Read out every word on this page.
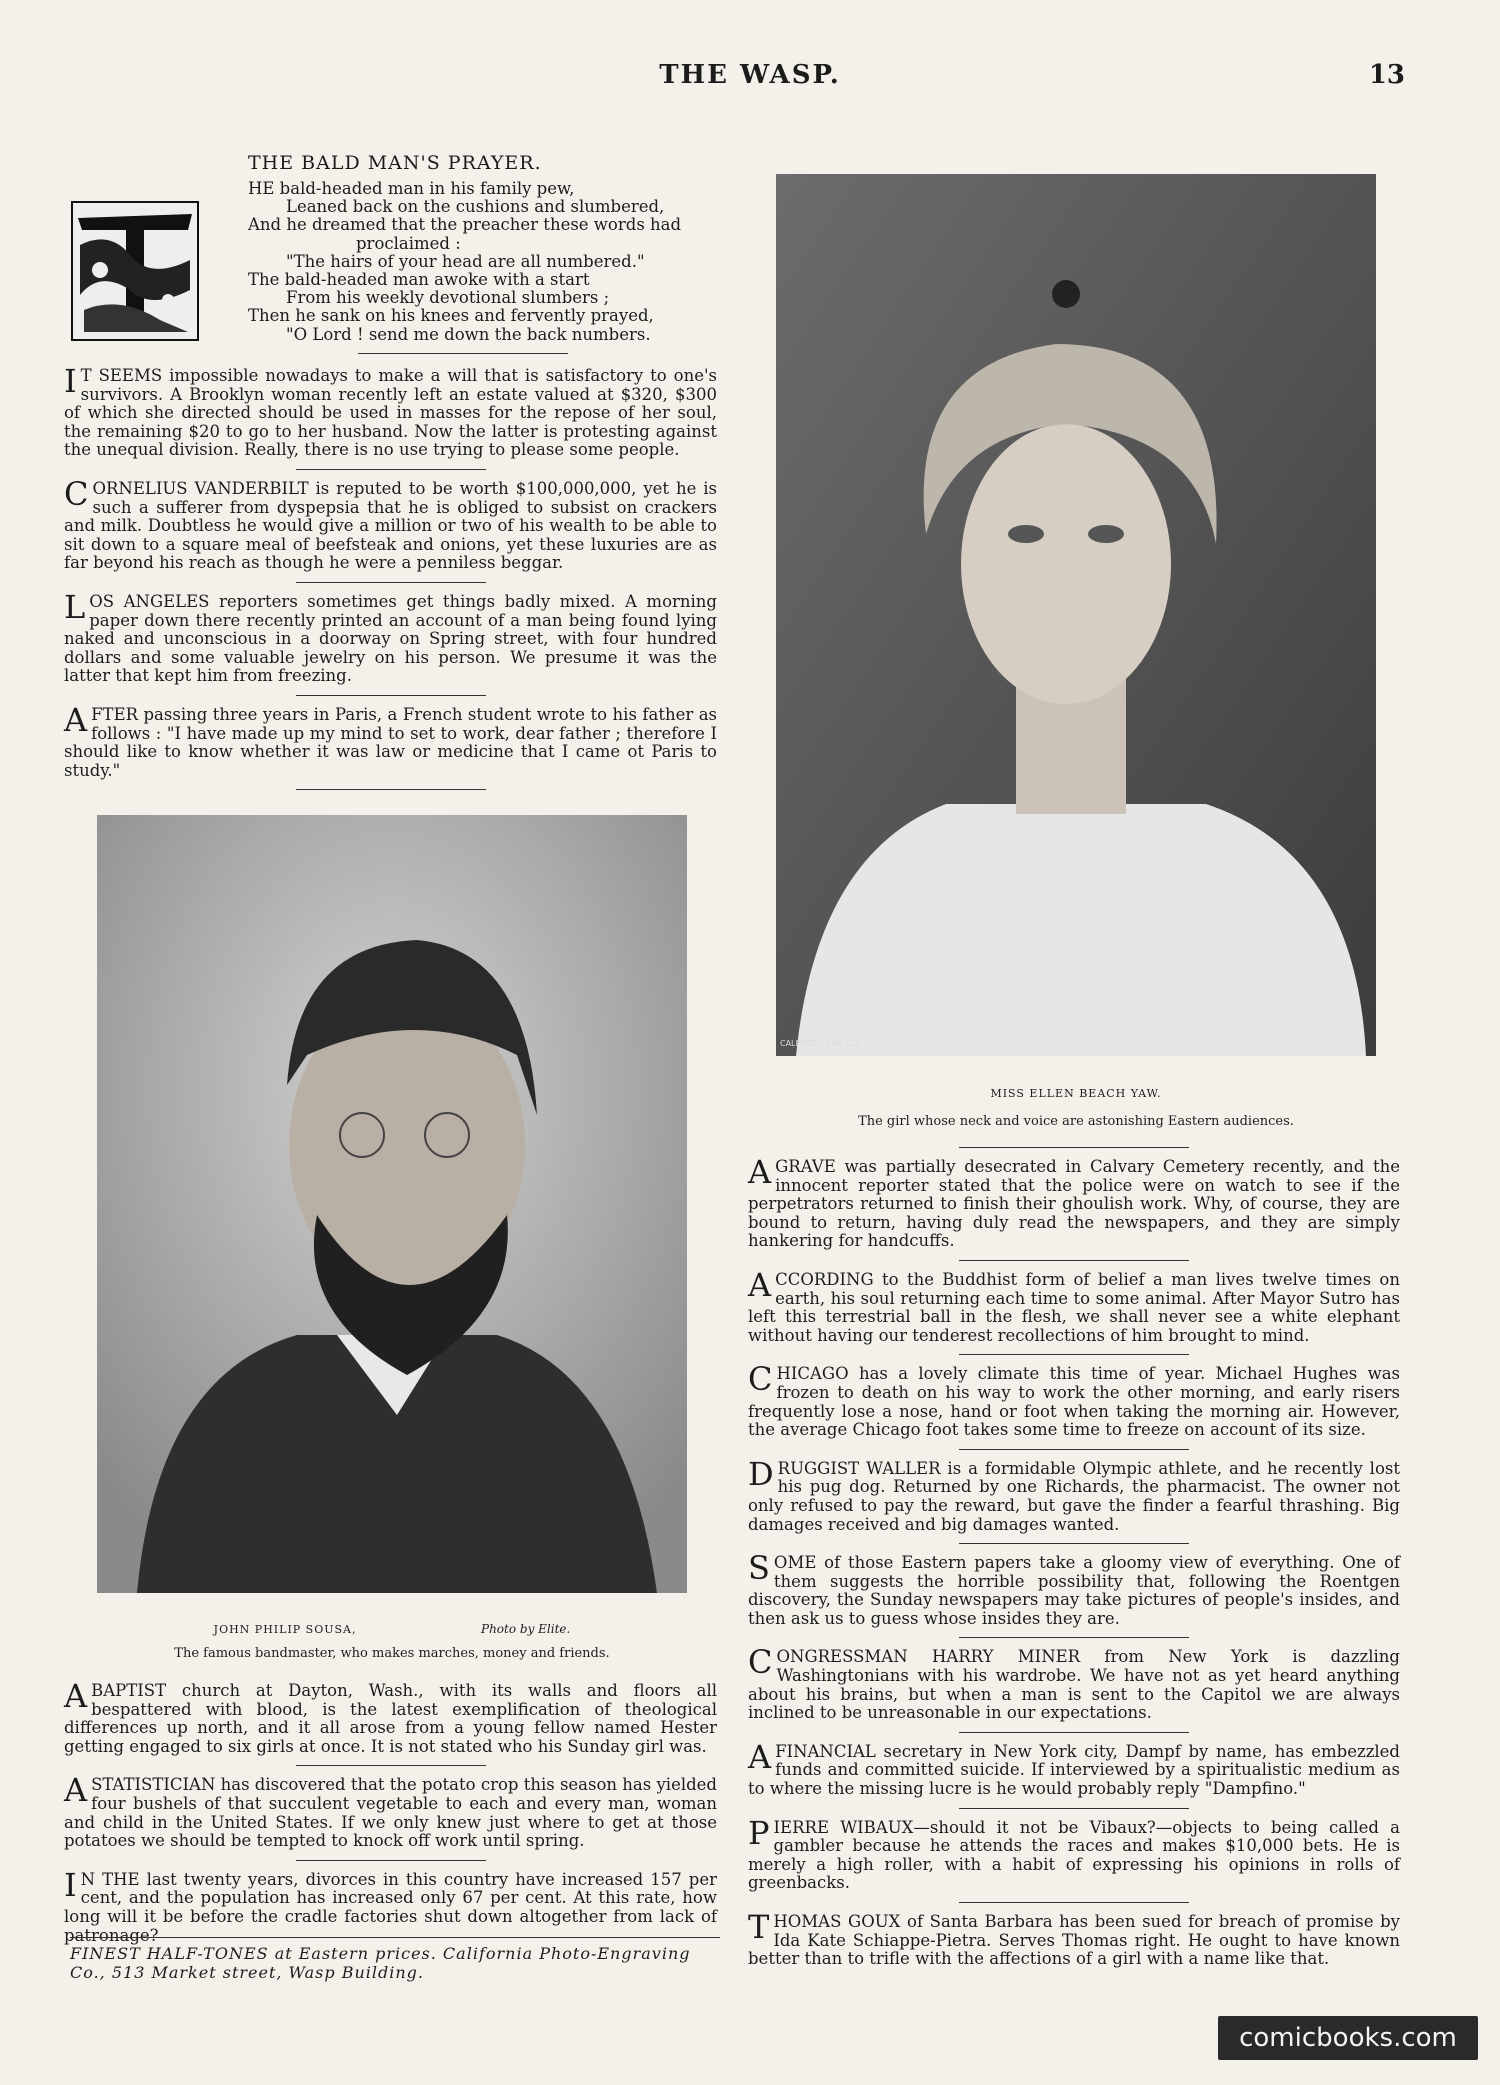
THE WASP.	13
THE BALD MAN'S PRAYER.
HE bald-headed man in his family pew,
Leaned back on the cushions and slumbered,
And he dreamed that the preacher these words had
proclaimed :
"The hairs of your head are all numbered."
The bald-headed man awoke with a start
From his weekly devotional slumbers ;
Then he sank on his knees and fervently prayed,
"O Lord ! send me down the back numbers.

IT SEEMS impossible nowadays to make a will that is satisfactory to one's survivors. A Brooklyn woman recently left an estate valued at $320, $300 of which she directed should be used in masses for the repose of her soul, the remaining $20 to go to her husband. Now the latter is protesting against the unequal division. Really, there is no use trying to please some people.

CORNELIUS VANDERBILT is reputed to be worth $100,000,000, yet he is such a sufferer from dyspepsia that he is obliged to subsist on crackers and milk. Doubtless he would give a million or two of his wealth to be able to sit down to a square meal of beefsteak and onions, yet these luxuries are as far beyond his reach as though he were a penniless beggar.

LOS ANGELES reporters sometimes get things badly mixed. A morning paper down there recently printed an account of a man being found lying naked and unconscious in a doorway on Spring street, with four hundred dollars and some valuable jewelry on his person. We presume it was the latter that kept him from freezing.

AFTER passing three years in Paris, a French student wrote to his father as follows : "I have made up my mind to set to work, dear father ; therefore I should like to know whether it was law or medicine that I came ot Paris to study."

JOHN PHILIP SOUSA,	Photo by Elite.
The famous bandmaster, who makes marches, money and friends.

ABAPTIST church at Dayton, Wash., with its walls and floors all bespattered with blood, is the latest exemplification of theological differences up north, and it all arose from a young fellow named Hester getting engaged to six girls at once. It is not stated who his Sunday girl was.

ASTATISTICIAN has discovered that the potato crop this season has yielded four bushels of that succulent vegetable to each and every man, woman and child in the United States. If we only knew just where to get at those potatoes we should be tempted to knock off work until spring.

IN THE last twenty years, divorces in this country have increased 157 per cent, and the population has increased only 67 per cent. At this rate, how long will it be before the cradle factories shut down altogether from lack of patronage?

FINEST HALF-TONES at Eastern prices. California Photo-Engraving Co., 513 Market street, Wasp Building.
CALPHOTO ENG.CO.
MISS ELLEN BEACH YAW.
The girl whose neck and voice are astonishing Eastern audiences.

AGRAVE was partially desecrated in Calvary Cemetery recently, and the innocent reporter stated that the police were on watch to see if the perpetrators returned to finish their ghoulish work. Why, of course, they are bound to return, having duly read the newspapers, and they are simply hankering for handcuffs.

ACCORDING to the Buddhist form of belief a man lives twelve times on earth, his soul returning each time to some animal. After Mayor Sutro has left this terrestrial ball in the flesh, we shall never see a white elephant without having our tenderest recollections of him brought to mind.

CHICAGO has a lovely climate this time of year. Michael Hughes was frozen to death on his way to work the other morning, and early risers frequently lose a nose, hand or foot when taking the morning air. However, the average Chicago foot takes some time to freeze on account of its size.

DRUGGIST WALLER is a formidable Olympic athlete, and he recently lost his pug dog. Returned by one Richards, the pharmacist. The owner not only refused to pay the reward, but gave the finder a fearful thrashing. Big damages received and big damages wanted.

SOME of those Eastern papers take a gloomy view of everything. One of them suggests the horrible possibility that, following the Roentgen discovery, the Sunday newspapers may take pictures of people's insides, and then ask us to guess whose insides they are.

CONGRESSMAN HARRY MINER from New York is dazzling Washingtonians with his wardrobe. We have not as yet heard anything about his brains, but when a man is sent to the Capitol we are always inclined to be unreasonable in our expectations.

AFINANCIAL secretary in New York city, Dampf by name, has embezzled funds and committed suicide. If interviewed by a spiritualistic medium as to where the missing lucre is he would probably reply "Dampfino."

PIERRE WIBAUX—should it not be Vibaux?—objects to being called a gambler because he attends the races and makes $10,000 bets. He is merely a high roller, with a habit of expressing his opinions in rolls of greenbacks.

THOMAS GOUX of Santa Barbara has been sued for breach of promise by Ida Kate Schiappe-Pietra. Serves Thomas right. He ought to have known better than to trifle with the affections of a girl with a name like that.

comicbooks.com
